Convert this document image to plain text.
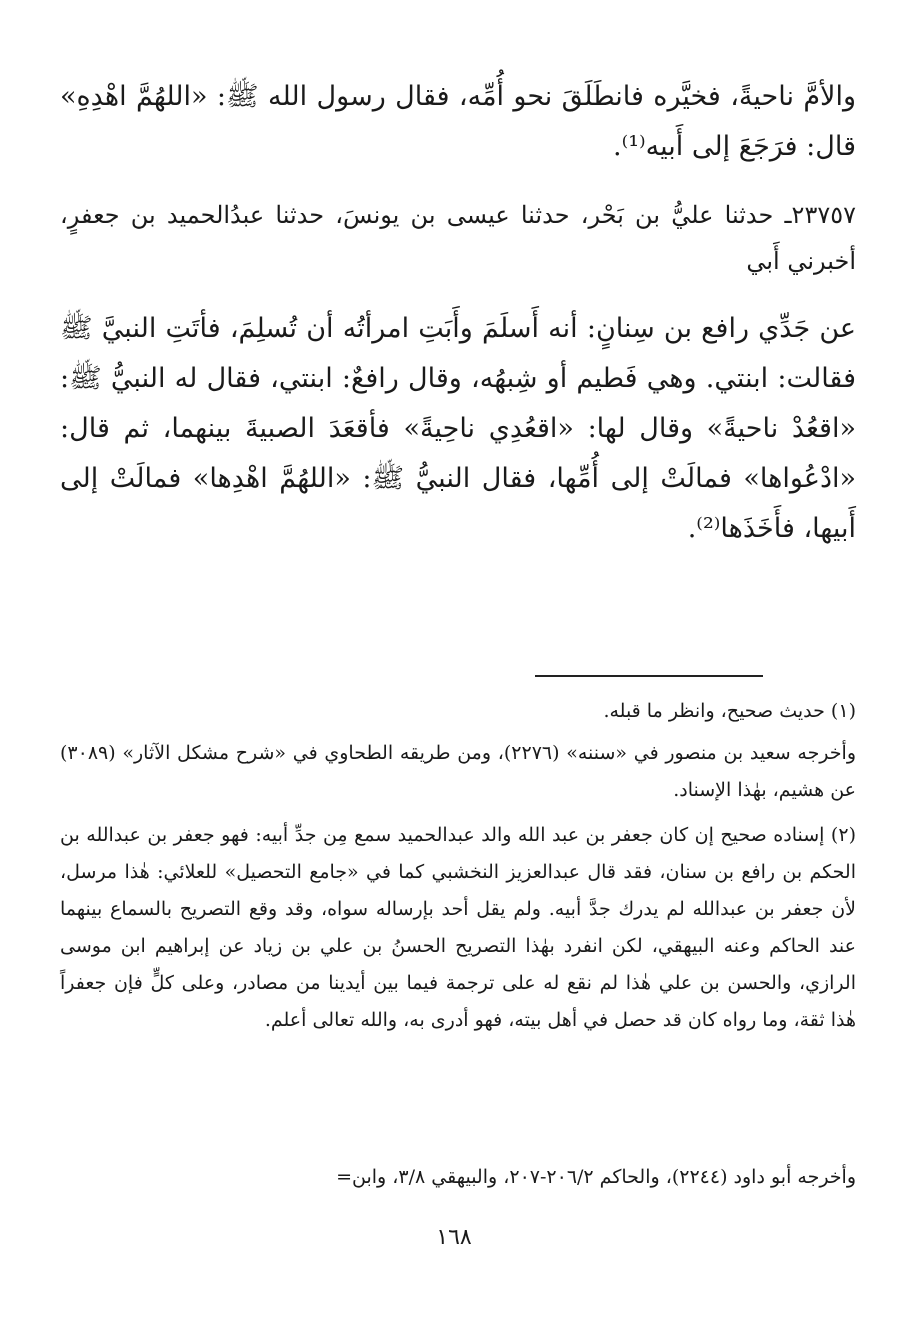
والأمَّ ناحيةً، فخيَّره فانطَلَقَ نحو أُمِّه، فقال رسول الله ﷺ: «اللهُمَّ اهْدِهِ» قال: فرَجَعَ إلى أَبيه⁽¹⁾.

٢٣٧٥٧ـ حدثنا عليُّ بن بَحْر، حدثنا عيسى بن يونسَ، حدثنا عبدُالحميد بن جعفرٍ، أخبرني أَبي

عن جَدِّي رافع بن سِنانٍ: أنه أَسلَمَ وأَبَتِ امرأتُه أن تُسلِمَ، فأتَتِ النبيَّ ﷺ فقالت: ابنتي. وهي فَطيم أو شِبهُه، وقال رافعٌ: ابنتي، فقال له النبيُّ ﷺ: «اقعُدْ ناحيةً» وقال لها: «اقعُدِي ناحِيةً» فأقعَدَ الصبيةَ بينهما، ثم قال: «ادْعُواها» فمالَتْ إلى أُمِّها، فقال النبيُّ ﷺ: «اللهُمَّ اهْدِها» فمالَتْ إلى أَبيها، فأَخَذَها⁽²⁾.

(١) حديث صحيح، وانظر ما قبله.

وأخرجه سعيد بن منصور في «سننه» (٢٢٧٦)، ومن طريقه الطحاوي في «شرح مشكل الآثار» (٣٠٨٩) عن هشيم، بهٰذا الإسناد.

(٢) إسناده صحيح إن كان جعفر بن عبد الله والد عبدالحميد سمع مِن جدِّ أبيه: فهو جعفر بن عبدالله بن الحكم بن رافع بن سنان، فقد قال عبدالعزيز النخشبي كما في «جامع التحصيل» للعلائي: هٰذا مرسل، لأن جعفر بن عبدالله لم يدرك جدَّ أبيه. ولم يقل أحد بإرساله سواه، وقد وقع التصريح بالسماع بينهما عند الحاكم وعنه البيهقي، لكن انفرد بهٰذا التصريح الحسنُ بن علي بن زياد عن إبراهيم ابن موسى الرازي، والحسن بن علي هٰذا لم نقع له على ترجمة فيما بين أيدينا من مصادر، وعلى كلٍّ فإن جعفراً هٰذا ثقة، وما رواه كان قد حصل في أهل بيته، فهو أدرى به، والله تعالى أعلم.

وأخرجه أبو داود (٢٢٤٤)، والحاكم ٢٠٦/٢-٢٠٧، والبيهقي ٣/٨، وابن=

١٦٨
